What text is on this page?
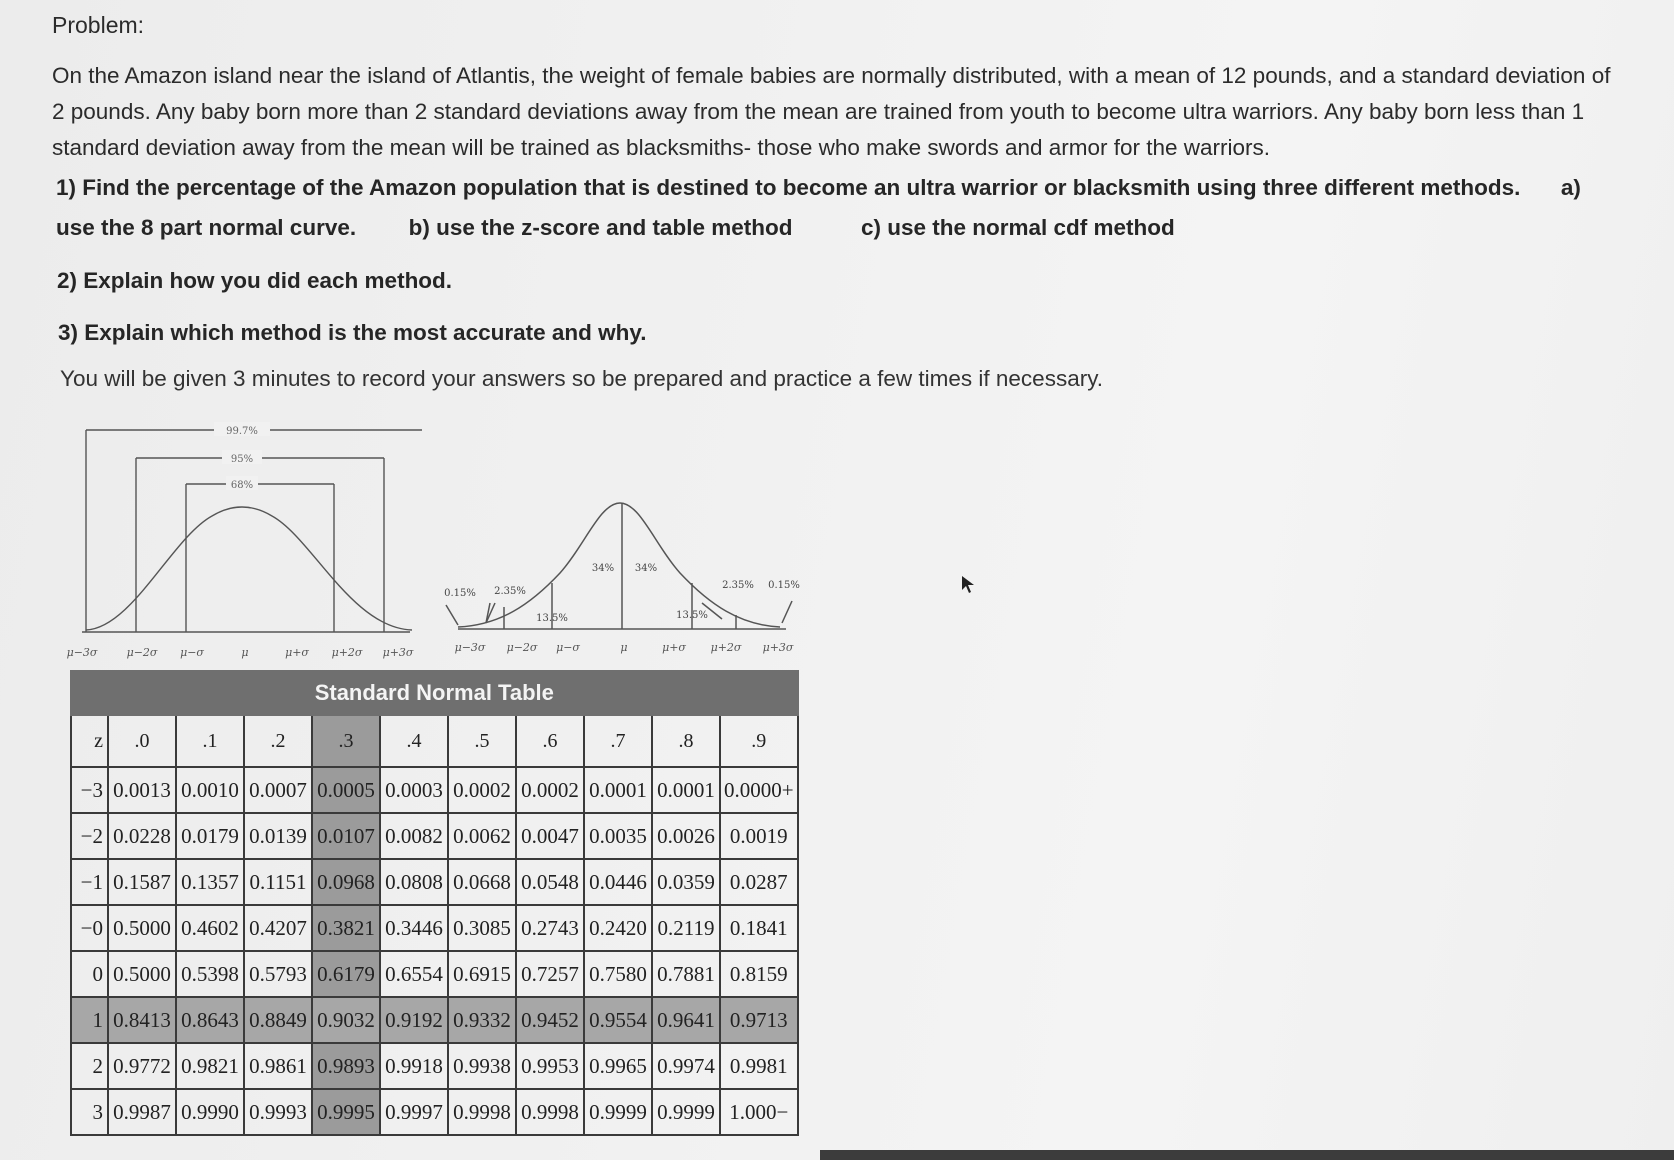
Problem:

On the Amazon island near the island of Atlantis, the weight of female babies are normally distributed, with a mean of 12 pounds, and a standard deviation of 2 pounds. Any baby born more than 2 standard deviations away from the mean are trained from youth to become ultra warriors. Any baby born less than 1 standard deviation away from the mean will be trained as blacksmiths- those who make swords and armor for the warriors.

1) Find the percentage of the Amazon population that is destined to become an ultra warrior or blacksmith using three different methods. a) use the 8 part normal curve. b) use the z-score and table method	c) use the normal cdf method
2) Explain how you did each method.
3) Explain which method is the most accurate and why.
You will be given 3 minutes to record your answers so be prepared and practice a few times if necessary.
99.7%
95%
68%
μ−3σ	μ−2σ μ−σ	μ	μ+σ μ+2σ μ+3σ
0.15% 2.35%
13.5%
34% 34%
13.5%
2.35% 0.15%
μ−3σ μ−2σ μ−σ	μ	μ+σ μ+2σ μ+3σ
Standard Normal Table										
z	.0	.1	.2	.3	.4	.5	.6	.7	.8	.9
−3	0.0013	0.0010	0.0007	0.0005	0.0003	0.0002	0.0002	0.0001	0.0001	0.0000+
−2	0.0228	0.0179	0.0139	0.0107	0.0082	0.0062	0.0047	0.0035	0.0026	0.0019
−1	0.1587	0.1357	0.1151	0.0968	0.0808	0.0668	0.0548	0.0446	0.0359	0.0287
−0	0.5000	0.4602	0.4207	0.3821	0.3446	0.3085	0.2743	0.2420	0.2119	0.1841
0	0.5000	0.5398	0.5793	0.6179	0.6554	0.6915	0.7257	0.7580	0.7881	0.8159
1	0.8413	0.8643	0.8849	0.9032	0.9192	0.9332	0.9452	0.9554	0.9641	0.9713
2	0.9772	0.9821	0.9861	0.9893	0.9918	0.9938	0.9953	0.9965	0.9974	0.9981
3	0.9987	0.9990	0.9993	0.9995	0.9997	0.9998	0.9998	0.9999	0.9999	1.000−
